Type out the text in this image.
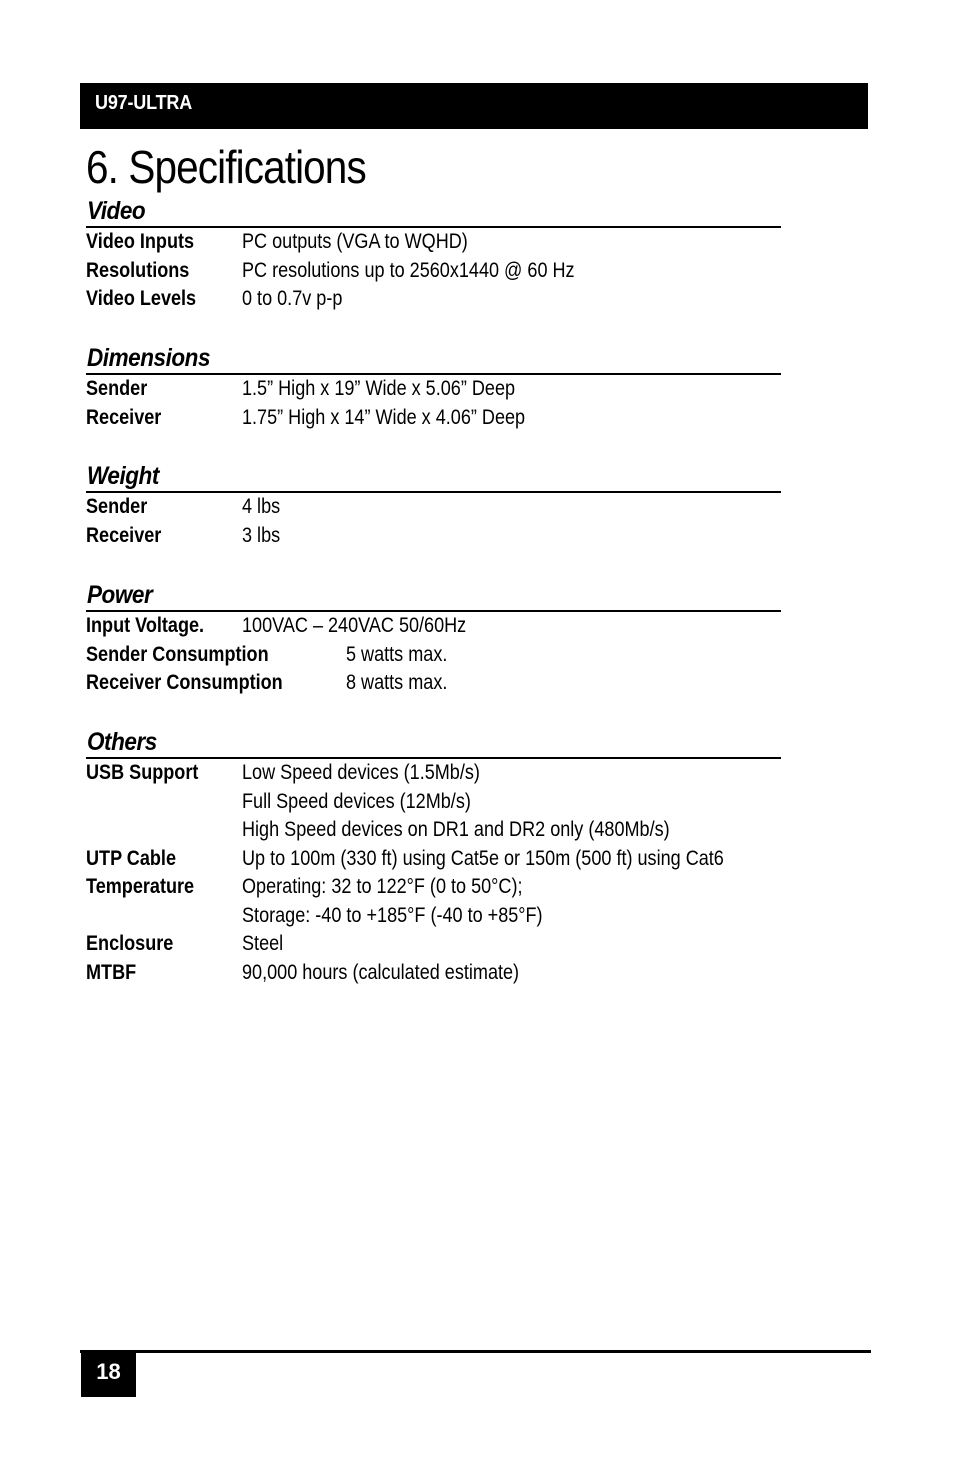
U97-ULTRA
6. Specifications
Video
Video Inputs PC outputs (VGA to WQHD)
Resolutions	PC resolutions up to 2560x1440 @ 60 Hz
Video Levels 0 to 0.7v p-p
Dimensions
Sender	1.5” High x 19” Wide x 5.06” Deep
Receiver	1.75” High x 14” Wide x 4.06” Deep
Weight
Sender	4 lbs
Receiver	3 lbs
Power
Input Voltage. 100VAC – 240VAC 50/60Hz
Sender Consumption	5 watts max.
Receiver Consumption	8 watts max.
Others
USB Support Low Speed devices (1.5Mb/s)
Full Speed devices (12Mb/s)
High Speed devices on DR1 and DR2 only (480Mb/s)
UTP Cable	Up to 100m (330 ft) using Cat5e or 150m (500 ft) using Cat6
Temperature Operating: 32 to 122°F (0 to 50°C);
Storage: -40 to +185°F (-40 to +85°F)
Enclosure	Steel
MTBF	90,000 hours (calculated estimate)
18
